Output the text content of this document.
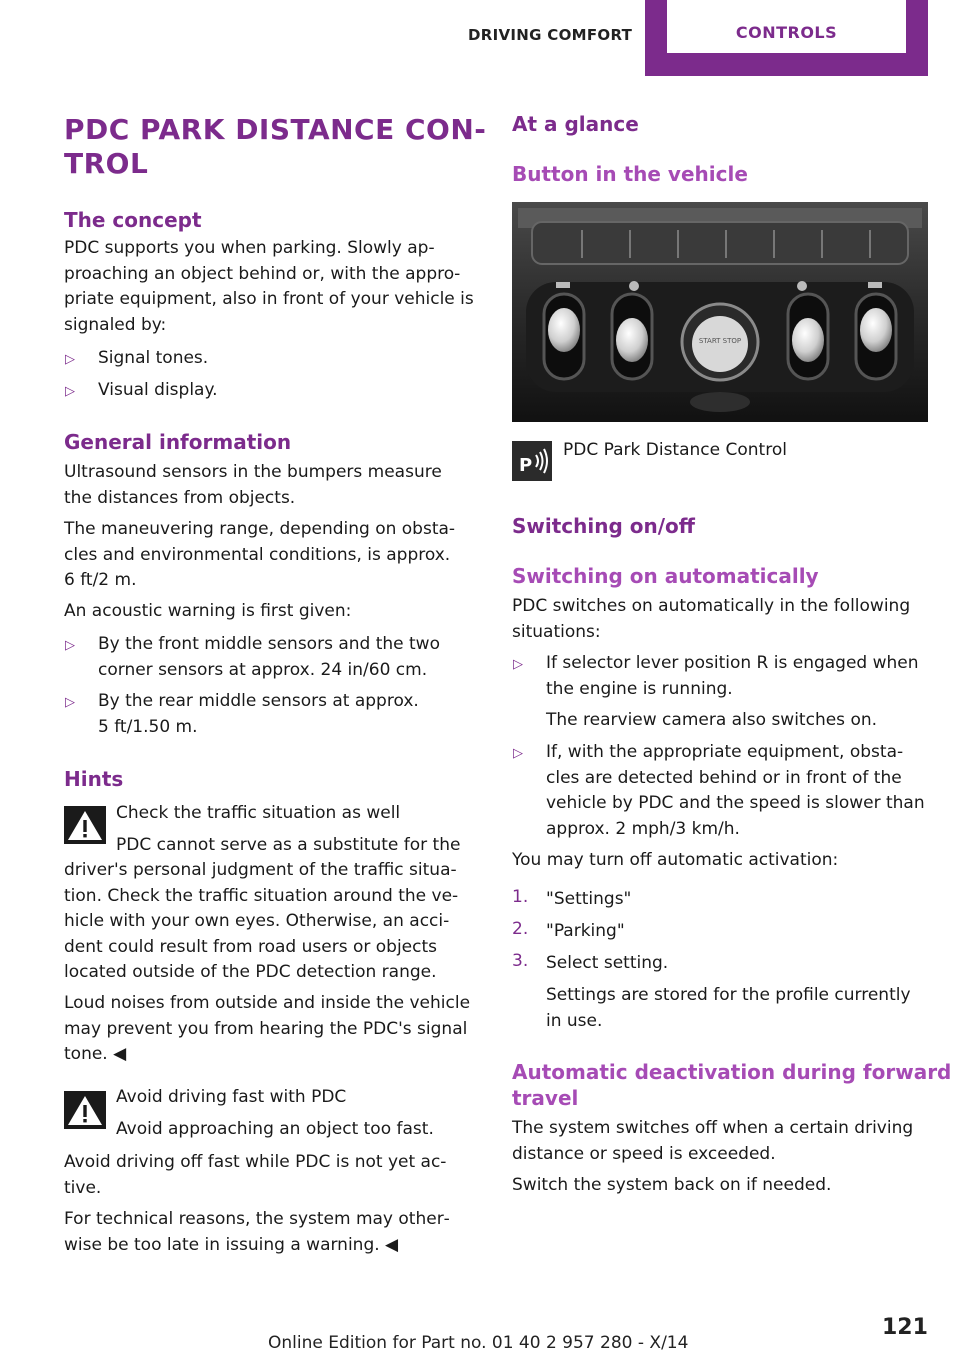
DRIVING COMFORT	CONTROLS
PDC PARK DISTANCE CON‐
TROL
The concept
PDC supports you when parking. Slowly ap‐
proaching an object behind or, with the appro‐
priate equipment, also in front of your vehicle is
signaled by:
▷ Signal tones.
▷ Visual display.
General information
Ultrasound sensors in the bumpers measure
the distances from objects.
The maneuvering range, depending on obsta‐
cles and environmental conditions, is approx.
6 ft/2 m.
An acoustic warning is first given:
▷ By the front middle sensors and the two
corner sensors at approx. 24 in/60 cm.
▷ By the rear middle sensors at approx.
5 ft/1.50 m.
Hints
Check the traffic situation as well
PDC cannot serve as a substitute for the
driver's personal judgment of the traffic situa‐
tion. Check the traffic situation around the ve‐
hicle with your own eyes. Otherwise, an acci‐
dent could result from road users or objects
located outside of the PDC detection range.
Loud noises from outside and inside the vehicle
may prevent you from hearing the PDC's signal
tone. ◀
Avoid driving fast with PDC
Avoid approaching an object too fast.
Avoid driving off fast while PDC is not yet ac‐
tive.
For technical reasons, the system may other‐
wise be too late in issuing a warning. ◀
At a glance
Button in the vehicle
START STOP
P
PDC Park Distance Control
Switching on/off
Switching on automatically
PDC switches on automatically in the following
situations:
▷ If selector lever position R is engaged when
the engine is running.
The rearview camera also switches on.
▷ If, with the appropriate equipment, obsta‐
cles are detected behind or in front of the
vehicle by PDC and the speed is slower than
approx. 2 mph/3 km/h.
You may turn off automatic activation:
1. "Settings"
2. "Parking"
3. Select setting.
Settings are stored for the profile currently
in use.
Automatic deactivation during forward
travel
The system switches off when a certain driving
distance or speed is exceeded.
Switch the system back on if needed.
121
Online Edition for Part no. 01 40 2 957 280 - X/14
